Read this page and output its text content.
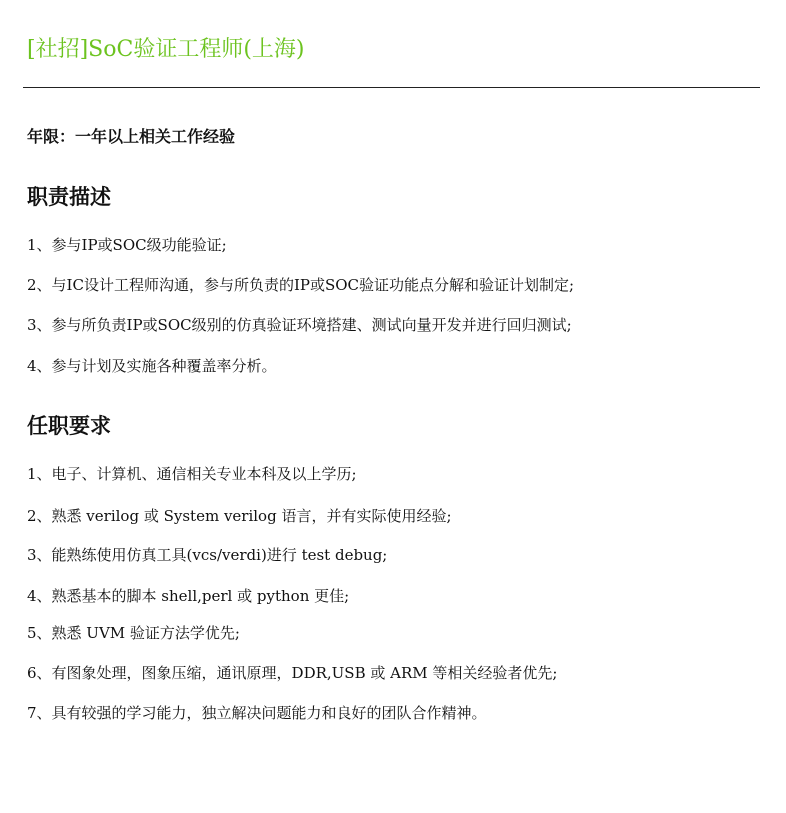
[社招]SoC验证工程师(上海)
年限：一年以上相关工作经验
职责描述
1、参与IP或SOC级功能验证;
2、与IC设计工程师沟通，参与所负责的IP或SOC验证功能点分解和验证计划制定;
3、参与所负责IP或SOC级别的仿真验证环境搭建、测试向量开发并进行回归测试;
4、参与计划及实施各种覆盖率分析。
任职要求
1、电子、计算机、通信相关专业本科及以上学历;
2、熟悉 verilog 或 System verilog 语言，并有实际使用经验;
3、能熟练使用仿真工具(vcs/verdi)进行 test debug;
4、熟悉基本的脚本 shell,perl 或 python 更佳;
5、熟悉 UVM 验证方法学优先;
6、有图象处理，图象压缩，通讯原理，DDR,USB 或 ARM 等相关经验者优先;
7、具有较强的学习能力，独立解决问题能力和良好的团队合作精神。
